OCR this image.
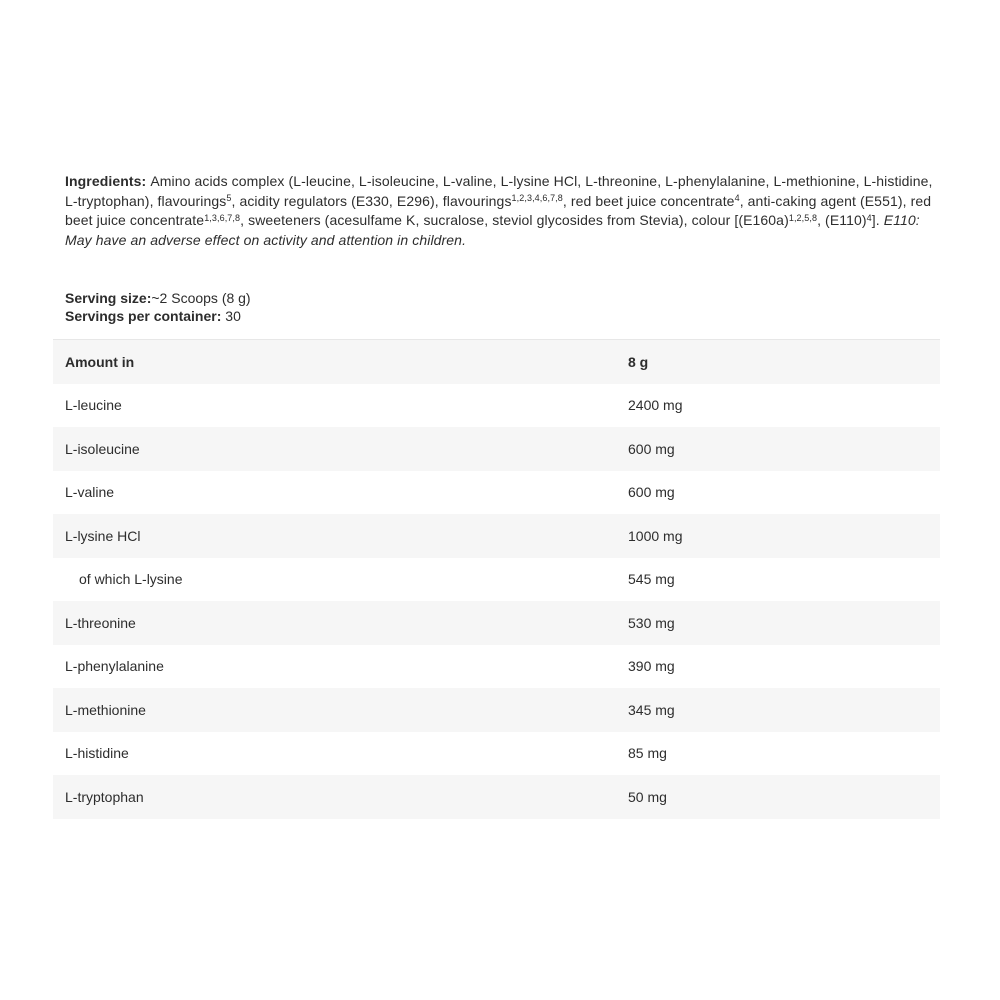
Ingredients: Amino acids complex (L-leucine, L-isoleucine, L-valine, L-lysine HCl, L-threonine, L-phenylalanine, L-methionine, L-histidine, L-tryptophan), flavourings$^5$, acidity regulators (E330, E296), flavourings$^{1,2,3,4,6,7,8}$, red beet juice concentrate$^4$, anti-caking agent (E551), red beet juice concentrate$^{1,3,6,7,8}$, sweeteners (acesulfame K, sucralose, steviol glycosides from Stevia), colour [$(E160a)^{1,2,5,8}$, $(E110)^4$]. E110: May have an adverse effect on activity and attention in children.

Serving size:~2 Scoops (8 g)
Servings per container: 30
Amount in	8 g
L-leucine	2400 mg
L-isoleucine	600 mg
L-valine	600 mg
L-lysine HCl	1000 mg
of which L-lysine	545 mg
L-threonine	530 mg
L-phenylalanine	390 mg
L-methionine	345 mg
L-histidine	85 mg
L-tryptophan	50 mg
